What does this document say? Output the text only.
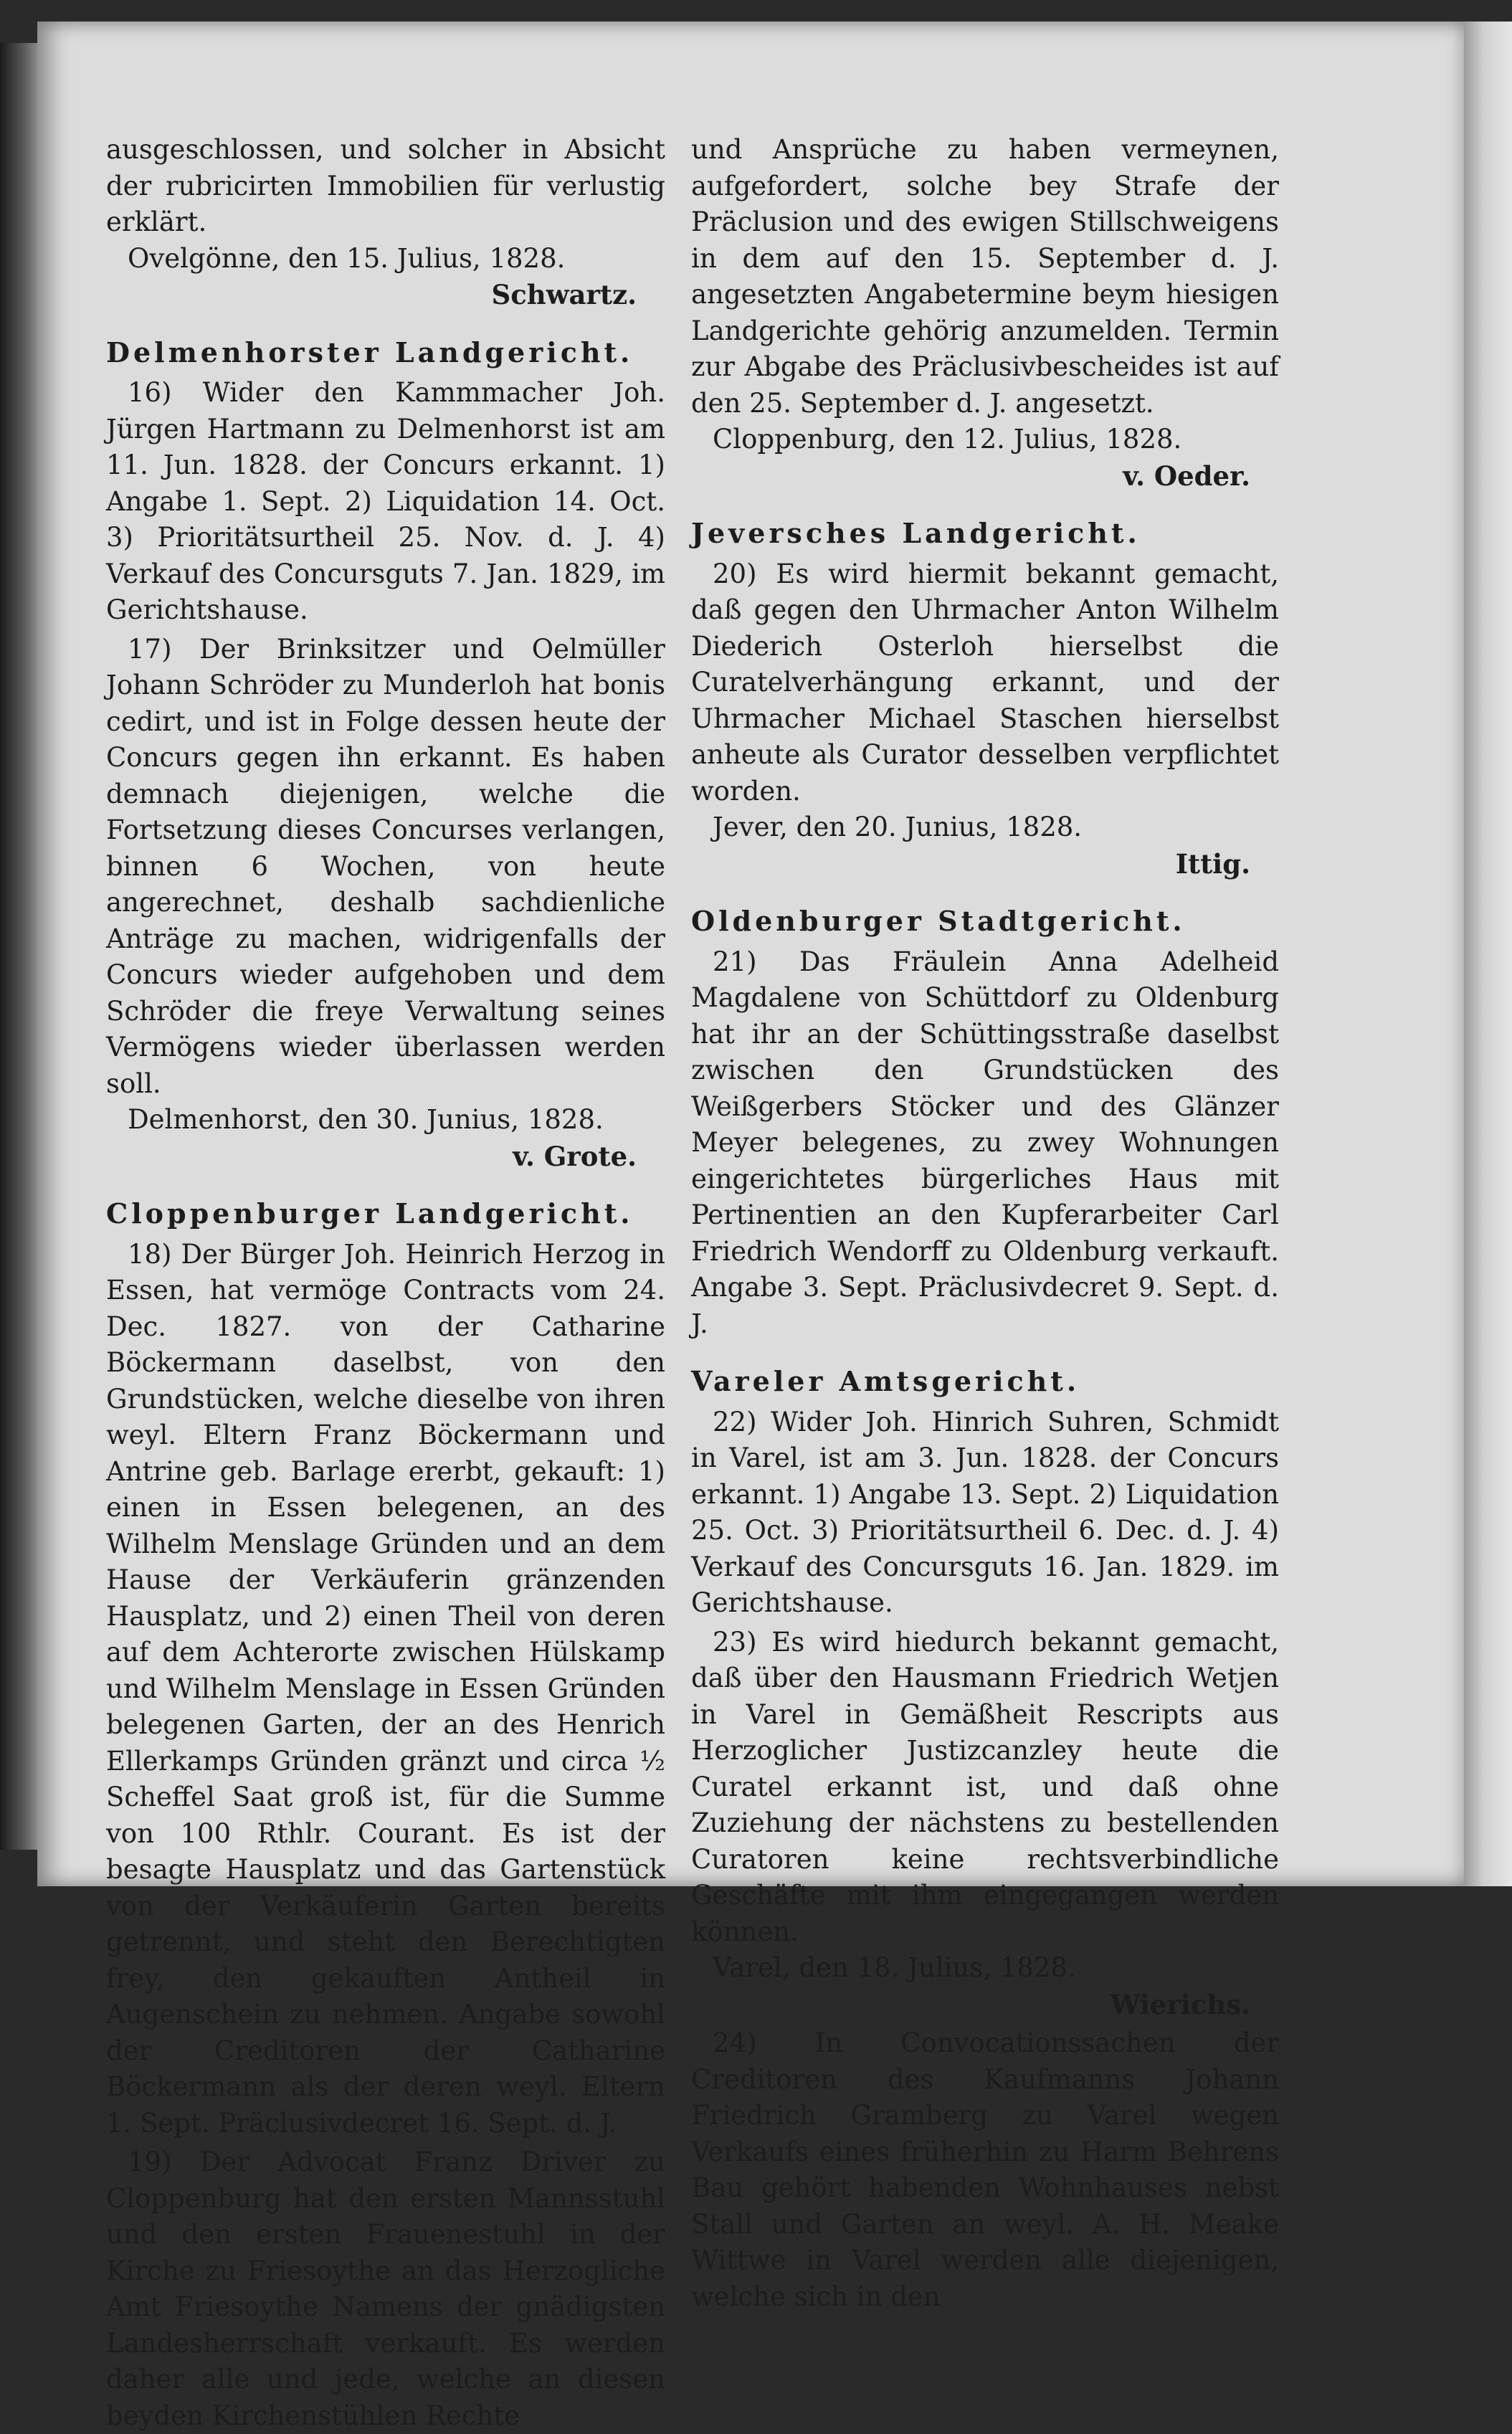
ausgeschlossen, und solcher in Absicht der rubricirten Immobilien für verlustig erklärt.

Ovelgönne, den 15. Julius, 1828.

Schwartz.

Delmenhorster Landgericht.

16) Wider den Kammmacher Joh. Jürgen Hartmann zu Delmenhorst ist am 11. Jun. 1828. der Concurs erkannt. 1) Angabe 1. Sept. 2) Liquidation 14. Oct. 3) Prioritätsurtheil 25. Nov. d. J. 4) Verkauf des Concursguts 7. Jan. 1829, im Gerichtshause.

17) Der Brinksitzer und Oelmüller Johann Schröder zu Munderloh hat bonis cedirt, und ist in Folge dessen heute der Concurs gegen ihn erkannt. Es haben demnach diejenigen, welche die Fortsetzung dieses Concurses verlangen, binnen 6 Wochen, von heute angerechnet, deshalb sachdienliche Anträge zu machen, widrigenfalls der Concurs wieder aufgehoben und dem Schröder die freye Verwaltung seines Vermögens wieder überlassen werden soll.

Delmenhorst, den 30. Junius, 1828.

v. Grote.

Cloppenburger Landgericht.

18) Der Bürger Joh. Heinrich Herzog in Essen, hat vermöge Contracts vom 24. Dec. 1827. von der Catharine Böckermann daselbst, von den Grundstücken, welche dieselbe von ihren weyl. Eltern Franz Böckermann und Antrine geb. Barlage ererbt, gekauft: 1) einen in Essen belegenen, an des Wilhelm Menslage Gründen und an dem Hause der Verkäuferin gränzenden Hausplatz, und 2) einen Theil von deren auf dem Achterorte zwischen Hülskamp und Wilhelm Menslage in Essen Gründen belegenen Garten, der an des Henrich Ellerkamps Gründen gränzt und circa ½ Scheffel Saat groß ist, für die Summe von 100 Rthlr. Courant. Es ist der besagte Hausplatz und das Gartenstück von der Verkäuferin Garten bereits getrennt, und steht den Berechtigten frey, den gekauften Antheil in Augenschein zu nehmen. Angabe sowohl der Creditoren der Catharine Böckermann als der deren weyl. Eltern 1. Sept. Präclusivdecret 16. Sept. d. J.

19) Der Advocat Franz Driver zu Cloppenburg hat den ersten Mannsstuhl und den ersten Frauenestuhl in der Kirche zu Friesoythe an das Herzogliche Amt Friesoythe Namens der gnädigsten Landesherrschaft verkauft. Es werden daher alle und jede, welche an diesen beyden Kirchenstühlen Rechte

und Ansprüche zu haben vermeynen, aufgefordert, solche bey Strafe der Präclusion und des ewigen Stillschweigens in dem auf den 15. September d. J. angesetzten Angabetermine beym hiesigen Landgerichte gehörig anzumelden. Termin zur Abgabe des Präclusivbescheides ist auf den 25. September d. J. angesetzt.

Cloppenburg, den 12. Julius, 1828.

v. Oeder.

Jeversches Landgericht.

20) Es wird hiermit bekannt gemacht, daß gegen den Uhrmacher Anton Wilhelm Diederich Osterloh hierselbst die Curatelverhängung erkannt, und der Uhrmacher Michael Staschen hierselbst anheute als Curator desselben verpflichtet worden.

Jever, den 20. Junius, 1828.

Ittig.

Oldenburger Stadtgericht.

21) Das Fräulein Anna Adelheid Magdalene von Schüttdorf zu Oldenburg hat ihr an der Schüttingsstraße daselbst zwischen den Grundstücken des Weißgerbers Stöcker und des Glänzer Meyer belegenes, zu zwey Wohnungen eingerichtetes bürgerliches Haus mit Pertinentien an den Kupferarbeiter Carl Friedrich Wendorff zu Oldenburg verkauft. Angabe 3. Sept. Präclusivdecret 9. Sept. d. J.

Vareler Amtsgericht.

22) Wider Joh. Hinrich Suhren, Schmidt in Varel, ist am 3. Jun. 1828. der Concurs erkannt. 1) Angabe 13. Sept. 2) Liquidation 25. Oct. 3) Prioritätsurtheil 6. Dec. d. J. 4) Verkauf des Concursguts 16. Jan. 1829. im Gerichtshause.

23) Es wird hiedurch bekannt gemacht, daß über den Hausmann Friedrich Wetjen in Varel in Gemäßheit Rescripts aus Herzoglicher Justizcanzley heute die Curatel erkannt ist, und daß ohne Zuziehung der nächstens zu bestellenden Curatoren keine rechtsverbindliche Geschäfte mit ihm eingegangen werden können.

Varel, den 18. Julius, 1828.

Wierichs.

24) In Convocationssachen der Creditoren des Kaufmanns Johann Friedrich Gramberg zu Varel wegen Verkaufs eines früherhin zu Harm Behrens Bau gehört habenden Wohnhauses nebst Stall und Garten an weyl. A. H. Meake Wittwe in Varel werden alle diejenigen, welche sich in den
